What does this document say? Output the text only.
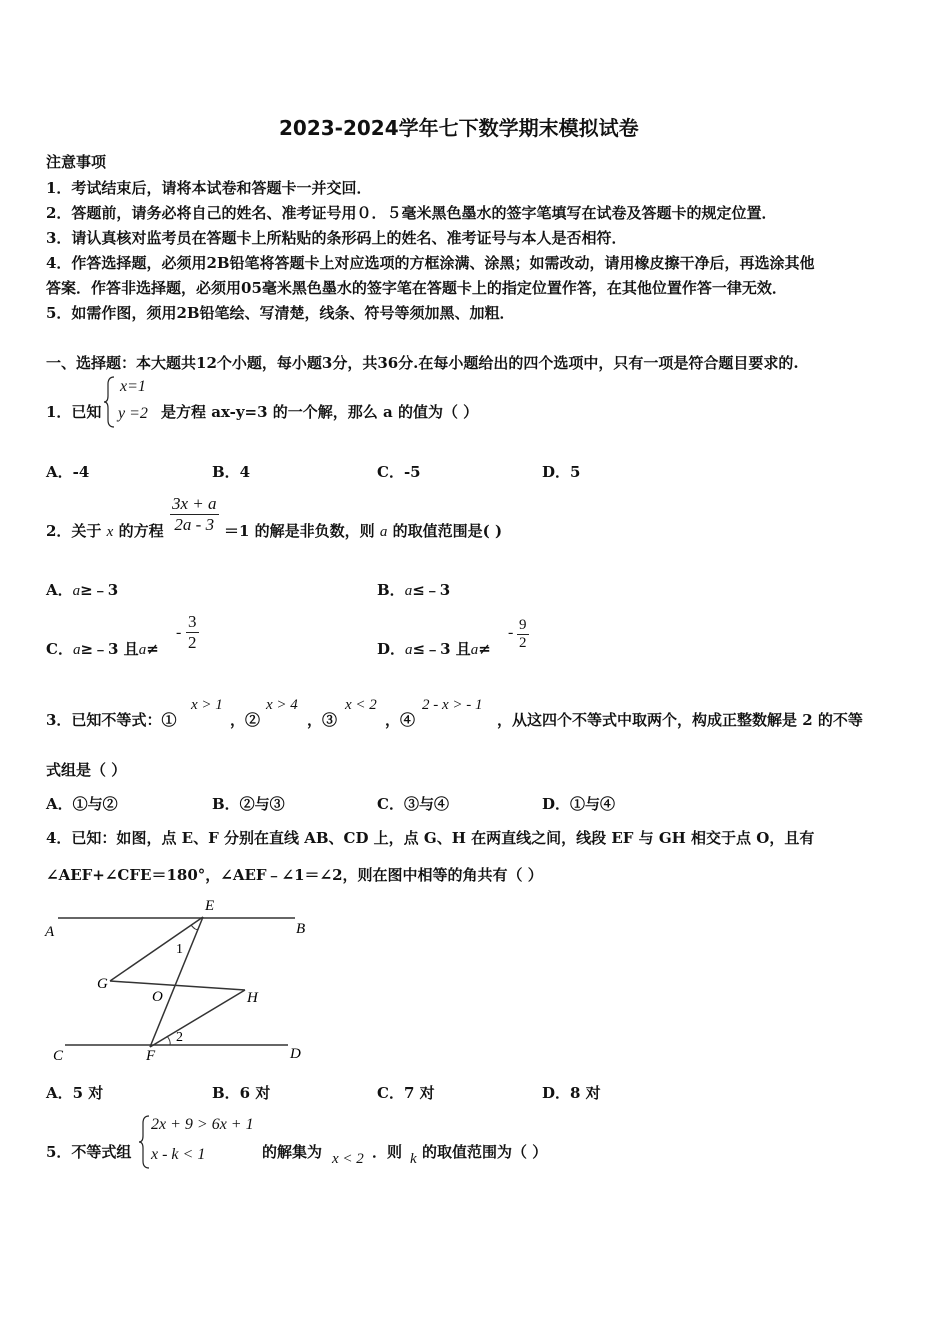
2023-2024学年七下数学期末模拟试卷
注意事项
1．考试结束后，请将本试卷和答题卡一并交回．
2．答题前，请务必将自己的姓名、准考证号用０．５毫米黑色墨水的签字笔填写在试卷及答题卡的规定位置．
3．请认真核对监考员在答题卡上所粘贴的条形码上的姓名、准考证号与本人是否相符．
4．作答选择题，必须用2B铅笔将答题卡上对应选项的方框涂满、涂黑；如需改动，请用橡皮擦干净后，再选涂其他
答案．作答非选择题，必须用05毫米黑色墨水的签字笔在答题卡上的指定位置作答，在其他位置作答一律无效．
5．如需作图，须用2B铅笔绘、写清楚，线条、符号等须加黑、加粗．
一、选择题：本大题共12个小题，每小题3分，共36分.在每小题给出的四个选项中，只有一项是符合题目要求的.
1．已知
x=1
y =2 是方程 ax-y=3 的一个解，那么 a 的值为（ ）
A．-4	B．4	C．-5	D．5
2．关于 x 的方程 $\frac{3x + a}{2a - 3} =1$ 的解是非负数，则 a 的取值范围是( )
A．a≥﹣3	B．a≤﹣3
C．a≥﹣3 且a≠
- $\frac{3}{2}$	D．a≤﹣3 且a≠
- $\frac{9}{2}$
3．已知不等式：①
x > 1
，②
x > 4
，③
x < 2
，④
2 - x > - 1
，从这四个不等式中取两个，构成正整数解是 2 的不等
式组是（ ）
A．①与②	B．②与③	C．③与④	D．①与④
4．已知：如图，点 E、F 分别在直线 AB、CD 上，点 G、H 在两直线之间，线段 EF 与 GH 相交于点 O，且有
∠AEF+∠CFE＝180°，∠AEF﹣∠1＝∠2，则在图中相等的角共有（ ）
A	B
E
G
O	H
C	F	D
1
2
A．5 对	B．6 对	C．7 对	D．8 对
5．不等式组
2x + 9 > 6x + 1
x - k < 1	的解集为 x < 2 ．则 k 的取值范围为（ ）
